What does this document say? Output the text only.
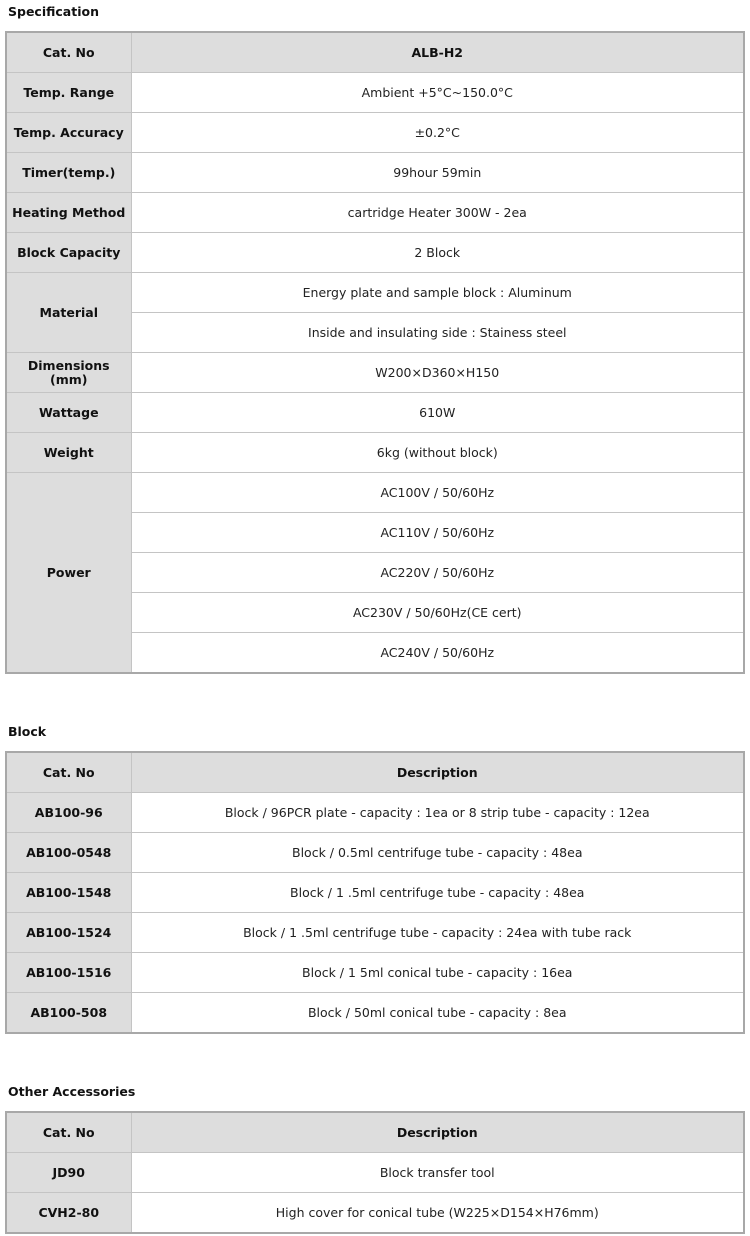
Specification
Cat. No	ALB-H2
Temp. Range	Ambient +5°C~150.0°C
Temp. Accuracy	±0.2°C
Timer(temp.)	99hour 59min
Heating Method	cartridge Heater 300W - 2ea
Block Capacity	2 Block
Material	Energy plate and sample block : Aluminum
	Inside and insulating side : Stainess steel
Dimensions (mm)	W200×D360×H150
Wattage	610W
Weight	6kg (without block)
Power	AC100V / 50/60Hz
	AC110V / 50/60Hz
	AC220V / 50/60Hz
	AC230V / 50/60Hz(CE cert)
	AC240V / 50/60Hz
Block
Cat. No	Description
AB100-96	Block / 96PCR plate - capacity : 1ea or 8 strip tube - capacity : 12ea
AB100-0548	Block / 0.5ml centrifuge tube - capacity : 48ea
AB100-1548	Block / 1 .5ml centrifuge tube - capacity : 48ea
AB100-1524	Block / 1 .5ml centrifuge tube - capacity : 24ea with tube rack
AB100-1516	Block / 1 5ml conical tube - capacity : 16ea
AB100-508	Block / 50ml conical tube - capacity : 8ea
Other Accessories
Cat. No	Description
JD90	Block transfer tool
CVH2-80	High cover for conical tube (W225×D154×H76mm)
